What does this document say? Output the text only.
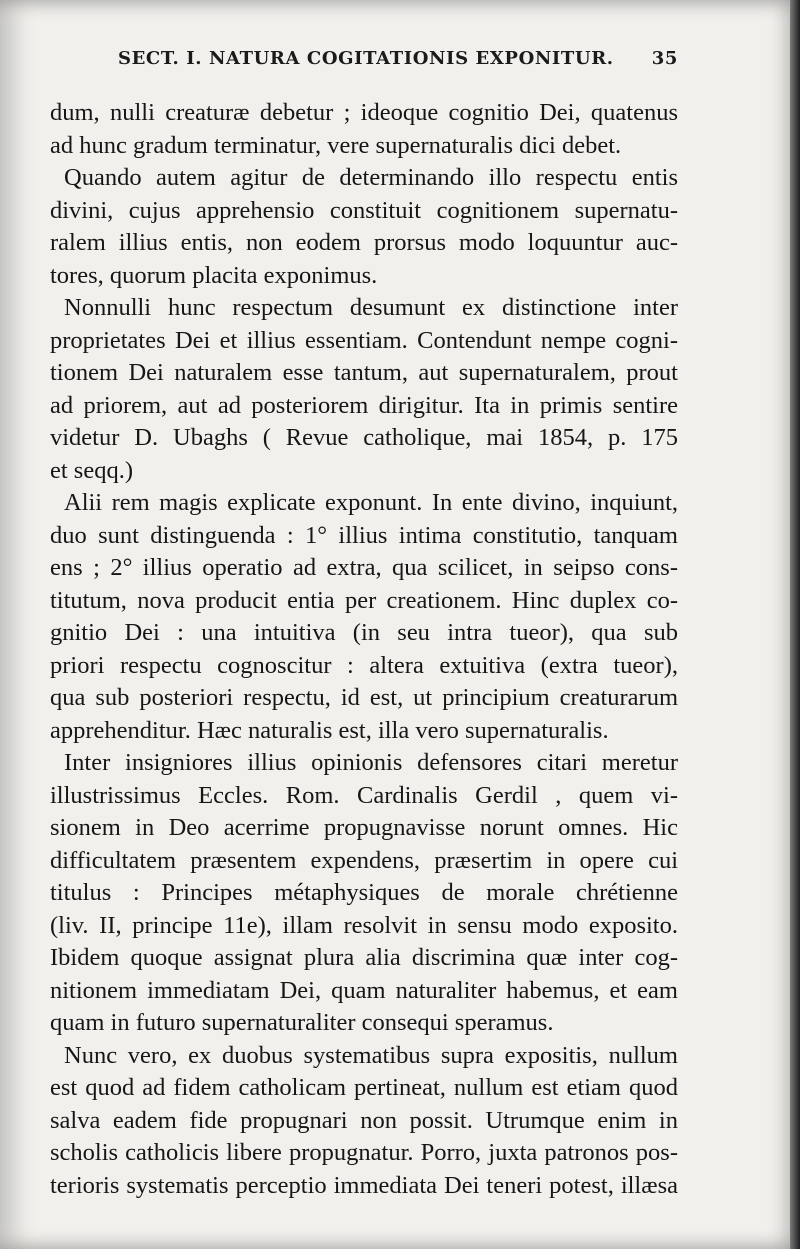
SECT. I. NATURA COGITATIONIS EXPONITUR. 35
dum, nulli creaturæ debetur ; ideoque cognitio Dei, quatenus
ad hunc gradum terminatur, vere supernaturalis dici debet.
Quando autem agitur de determinando illo respectu entis
divini, cujus apprehensio constituit cognitionem supernatu-
ralem illius entis, non eodem prorsus modo loquuntur auc-
tores, quorum placita exponimus.
Nonnulli hunc respectum desumunt ex distinctione inter
proprietates Dei et illius essentiam. Contendunt nempe cogni-
tionem Dei naturalem esse tantum, aut supernaturalem, prout
ad priorem, aut ad posteriorem dirigitur. Ita in primis sentire
videtur D. Ubaghs ( Revue catholique, mai 1854, p. 175
et seqq.)
Alii rem magis explicate exponunt. In ente divino, inquiunt,
duo sunt distinguenda : 1° illius intima constitutio, tanquam
ens ; 2° illius operatio ad extra, qua scilicet, in seipso cons-
titutum, nova producit entia per creationem. Hinc duplex co-
gnitio Dei : una intuitiva (in seu intra tueor), qua sub
priori respectu cognoscitur : altera extuitiva (extra tueor),
qua sub posteriori respectu, id est, ut principium creaturarum
apprehenditur. Hæc naturalis est, illa vero supernaturalis.
Inter insigniores illius opinionis defensores citari meretur
illustrissimus Eccles. Rom. Cardinalis Gerdil , quem vi-
sionem in Deo acerrime propugnavisse norunt omnes. Hic
difficultatem præsentem expendens, præsertim in opere cui
titulus : Principes métaphysiques de morale chrétienne
(liv. II, principe 11e), illam resolvit in sensu modo exposito.
Ibidem quoque assignat plura alia discrimina quæ inter cog-
nitionem immediatam Dei, quam naturaliter habemus, et eam
quam in futuro supernaturaliter consequi speramus.
Nunc vero, ex duobus systematibus supra expositis, nullum
est quod ad fidem catholicam pertineat, nullum est etiam quod
salva eadem fide propugnari non possit. Utrumque enim in
scholis catholicis libere propugnatur. Porro, juxta patronos pos-
terioris systematis perceptio immediata Dei teneri potest, illæsa
